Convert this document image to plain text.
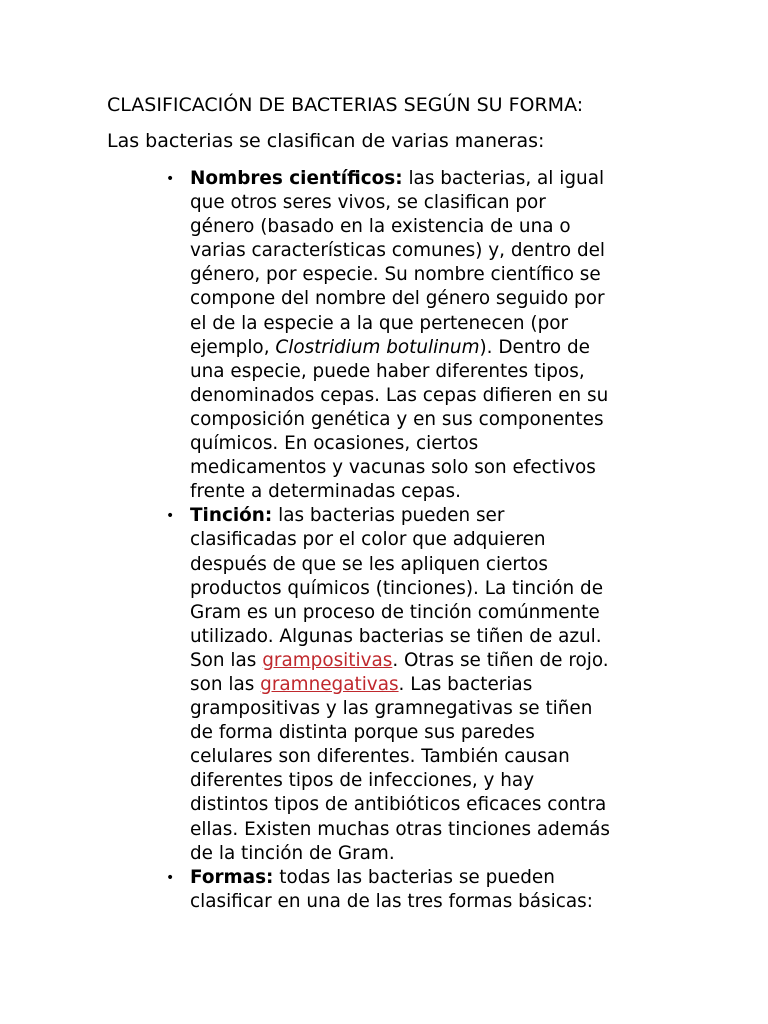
CLASIFICACIÓN DE BACTERIAS SEGÚN SU FORMA:

Las bacterias se clasifican de varias maneras:

• Nombres científicos: las bacterias, al igual
que otros seres vivos, se clasifican por
género (basado en la existencia de una o
varias características comunes) y, dentro del
género, por especie. Su nombre científico se
compone del nombre del género seguido por
el de la especie a la que pertenecen (por
ejemplo, Clostridium botulinum). Dentro de
una especie, puede haber diferentes tipos,
denominados cepas. Las cepas difieren en su
composición genética y en sus componentes
químicos. En ocasiones, ciertos
medicamentos y vacunas solo son efectivos
frente a determinadas cepas.
• Tinción: las bacterias pueden ser
clasificadas por el color que adquieren
después de que se les apliquen ciertos
productos químicos (tinciones). La tinción de
Gram es un proceso de tinción comúnmente
utilizado. Algunas bacterias se tiñen de azul.
Son las grampositivas. Otras se tiñen de rojo.
son las gramnegativas. Las bacterias
grampositivas y las gramnegativas se tiñen
de forma distinta porque sus paredes
celulares son diferentes. También causan
diferentes tipos de infecciones, y hay
distintos tipos de antibióticos eficaces contra
ellas. Existen muchas otras tinciones además
de la tinción de Gram.
• Formas: todas las bacterias se pueden
clasificar en una de las tres formas básicas:
